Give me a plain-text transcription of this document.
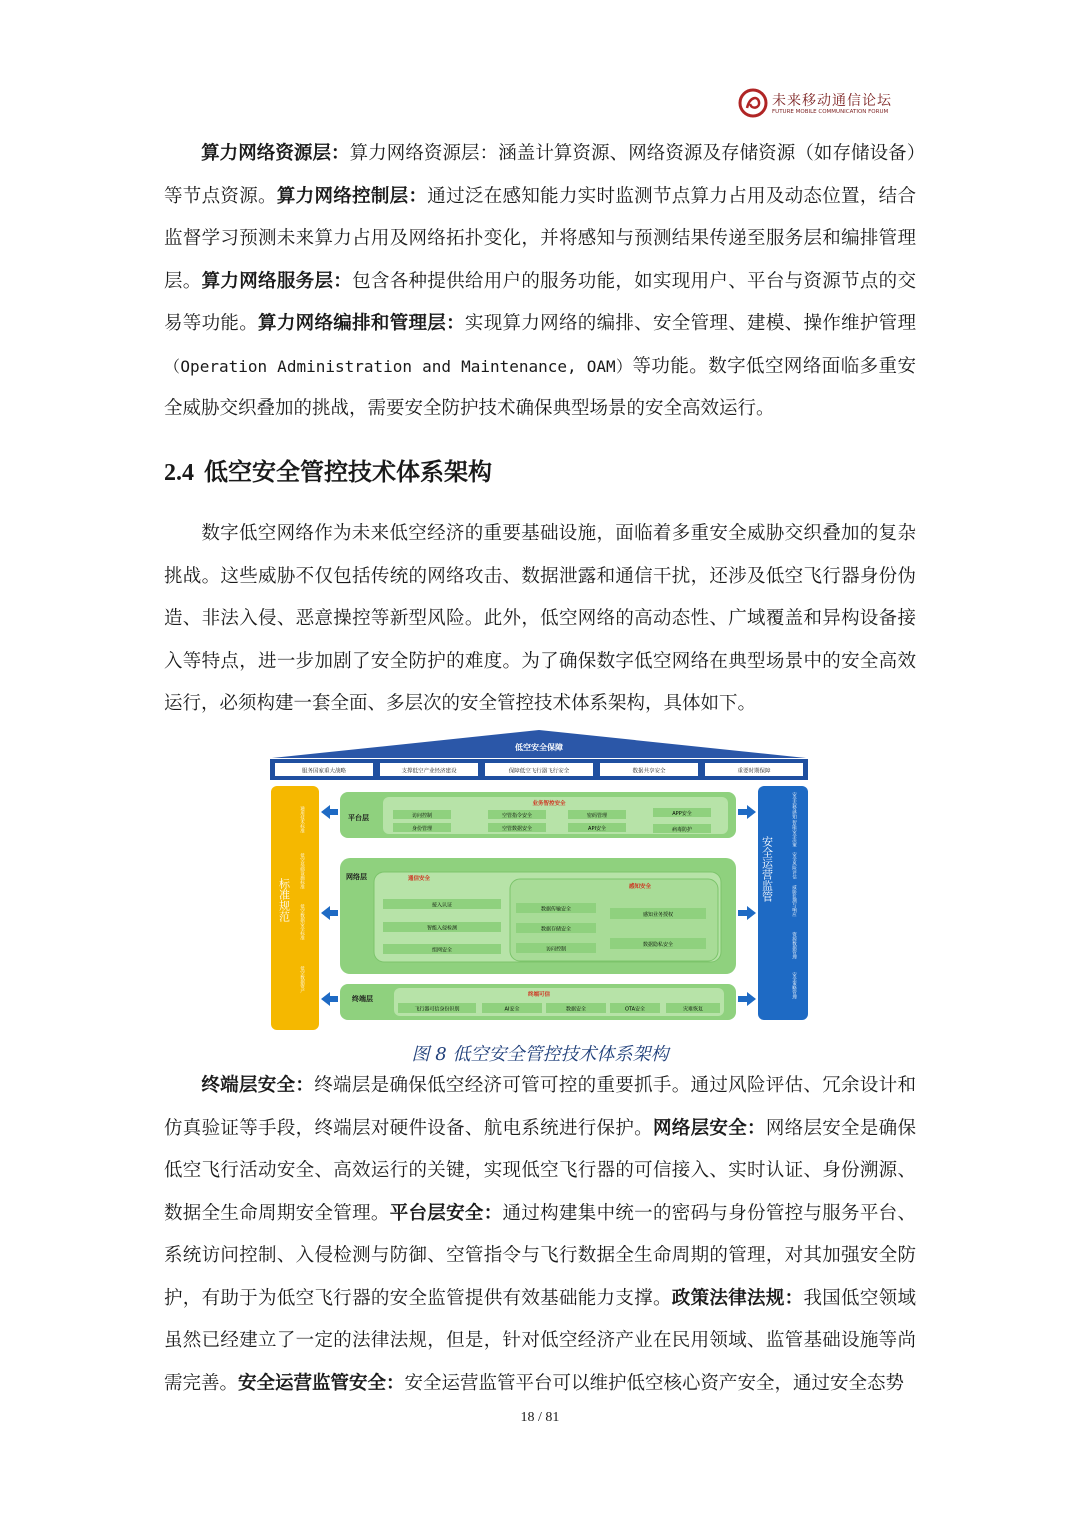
未来移动通信论坛
FUTURE MOBILE COMMUNICATION FORUM
算力网络资源层：算力网络资源层：涵盖计算资源、网络资源及存储资源（如存储设备）等节点资源。算力网络控制层：通过泛在感知能力实时监测节点算力占用及动态位置，结合监督学习预测未来算力占用及网络拓扑变化，并将感知与预测结果传递至服务层和编排管理层。算力网络服务层：包含各种提供给用户的服务功能，如实现用户、平台与资源节点的交易等功能。算力网络编排和管理层：实现算力网络的编排、安全管理、建模、操作维护管理（Operation Administration and Maintenance, OAM）等功能。数字低空网络面临多重安全威胁交织叠加的挑战，需要安全防护技术确保典型场景的安全高效运行。
2.4 低空安全管控技术体系架构
数字低空网络作为未来低空经济的重要基础设施，面临着多重安全威胁交织叠加的复杂挑战。这些威胁不仅包括传统的网络攻击、数据泄露和通信干扰，还涉及低空飞行器身份伪造、非法入侵、恶意操控等新型风险。此外，低空网络的高动态性、广域覆盖和异构设备接入等特点，进一步加剧了安全防护的难度。为了确保数字低空网络在典型场景中的安全高效运行，必须构建一套全面、多层次的安全管控技术体系架构，具体如下。
低空安全保障
服务国家重大战略	支撑低空产业经济建设	保障低空飞行器飞行安全	数据共享安全	重要时期保障
标准规范
通用技术标准
低空基础设施标准
低空数据安全标准
低空数据资产
安全运营监管
安全态势感知
智能安全决策
安全风险评估
威胁监测与响应
资源数据管理
安全策略管理
平台层
业务智控安全
访问控制	空管指令安全	密码管理	APP安全
身份管理	空管数据安全	API安全	病毒防护
网络层	通信安全
感知安全
接入认证
智能入侵检测
组网安全
数据传输安全
数据存储安全
访问控制
感知业务授权
数据隐私安全
终端层	终端可信
飞行器可信身份识别	AI安全	数据安全	OTA安全	灾难恢复
图 8 低空安全管控技术体系架构
终端层安全：终端层是确保低空经济可管可控的重要抓手。通过风险评估、冗余设计和仿真验证等手段，终端层对硬件设备、航电系统进行保护。网络层安全：网络层安全是确保低空飞行活动安全、高效运行的关键，实现低空飞行器的可信接入、实时认证、身份溯源、数据全生命周期安全管理。平台层安全：通过构建集中统一的密码与身份管控与服务平台、系统访问控制、入侵检测与防御、空管指令与飞行数据全生命周期的管理，对其加强安全防护，有助于为低空飞行器的安全监管提供有效基础能力支撑。政策法律法规：我国低空领域虽然已经建立了一定的法律法规，但是，针对低空经济产业在民用领域、监管基础设施等尚需完善。安全运营监管安全：安全运营监管平台可以维护低空核心资产安全，通过安全态势
18 / 81
